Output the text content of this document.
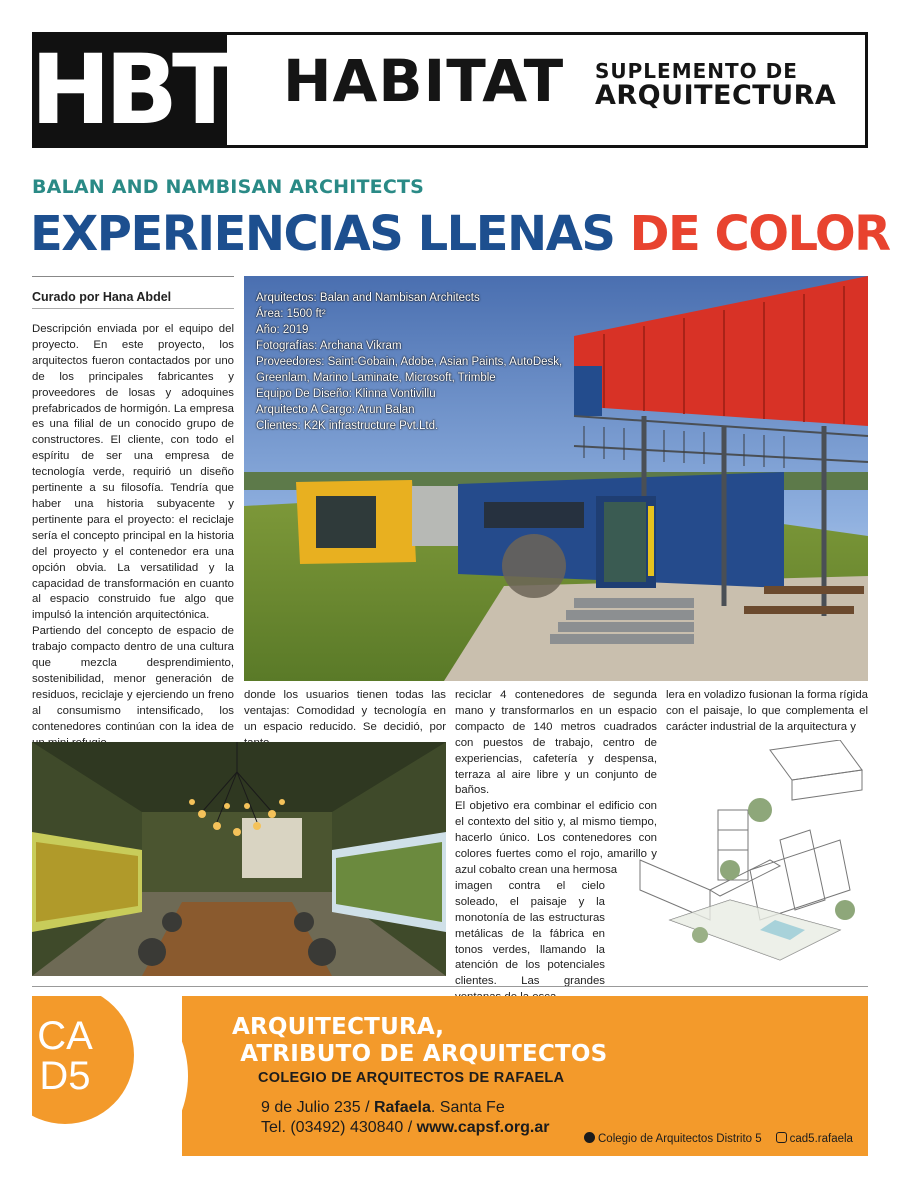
HBT HABITAT SUPLEMENTO DE
ARQUITECTURA
BALAN AND NAMBISAN ARCHITECTS
EXPERIENCIAS LLENAS DE COLOR
Curado por Hana Abdel

Descripción enviada por el equipo del proyecto. En este proyecto, los arquitectos fueron contactados por uno de los principales fabricantes y proveedores de losas y adoquines prefabricados de hormigón. La empresa es una filial de un conocido grupo de constructores. El cliente, con todo el espíritu de ser una empresa de tecnología verde, requirió un diseño pertinente a su filosofía. Tendría que haber una historia subyacente y pertinente para el proyecto: el reciclaje sería el concepto principal en la historia del proyecto y el contenedor era una opción obvia. La versatilidad y la capacidad de transformación en cuanto al espacio construido fue algo que impulsó la intención arquitectónica.

Partiendo del concepto de espacio de trabajo compacto dentro de una cultura que mezcla desprendimiento, sostenibilidad, menor generación de residuos, reciclaje y ejerciendo un freno al consumismo intensificado, los contenedores continúan con la idea de

Arquitectos: Balan and Nambisan Architects
Área: 1500 ft²
Año: 2019
Fotografías: Archana Vikram
Proveedores: Saint-Gobain, Adobe, Asian Paints, AutoDesk,
Greenlam, Marino Laminate, Microsoft, Trimble
Equipo De Diseño: Klinna Vontivillu
Arquitecto A Cargo: Arun Balan
Clientes: K2K infrastructure Pvt.Ltd.

donde los usuarios tienen todas las ventajas: Comodidad y tecnología en un espacio reducido. Se decidió, por

reciclar 4 contenedores de segunda mano y transformarlos en un espacio compacto de 140 metros cuadrados con puestos de trabajo, centro de experiencias, cafetería y despensa, terraza al aire libre y un conjunto de baños.

El objetivo era combinar el edificio con el contexto del sitio y, al mismo tiempo, hacerlo único. Los contenedores con colores fuertes como el rojo, amarillo y azul cobalto crean una hermosa

imagen contra el cielo soleado, el paisaje y la monotonía de las estructuras metálicas de la fábrica en tonos verdes, llamando la atención de los potenciales clientes. Las grandes

lera en voladizo fusionan la forma rígida con el paisaje, lo que complementa el carácter industrial de la arquitectura y

CA
D5
ARQUITECTURA,
ATRIBUTO DE ARQUITECTOS
COLEGIO DE ARQUITECTOS DE RAFAELA
9 de Julio 235 / Rafaela. Santa Fe
Tel. (03492) 430840 / www.capsf.org.ar
Colegio de Arquitectos Distrito 5	cad5.rafaela
